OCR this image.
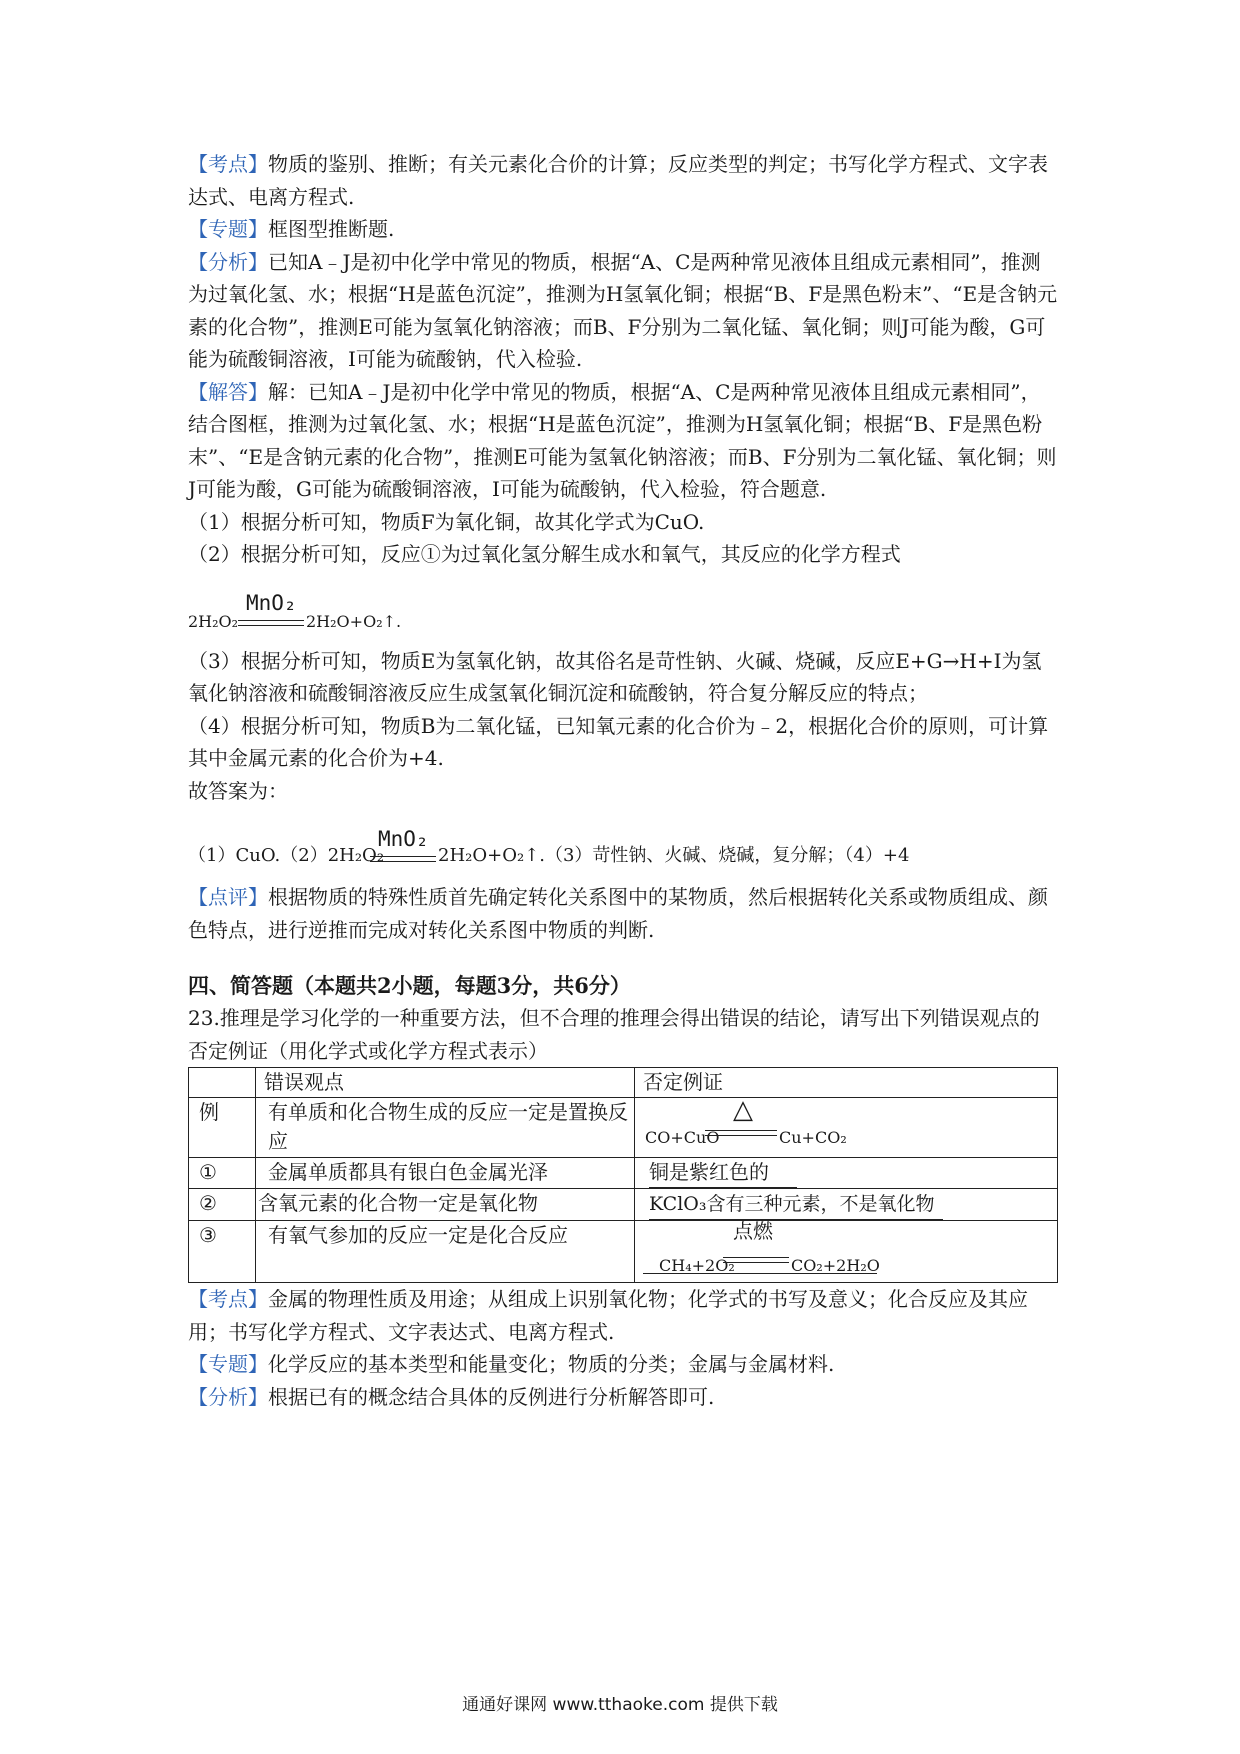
【考点】物质的鉴别、推断；有关元素化合价的计算；反应类型的判定；书写化学方程式、文字表达式、电离方程式.

【专题】框图型推断题.

【分析】已知A﹣J是初中化学中常见的物质，根据“A、C是两种常见液体且组成元素相同”，推测为过氧化氢、水；根据“H是蓝色沉淀”，推测为H氢氧化铜；根据“B、F是黑色粉末”、“E是含钠元素的化合物”，推测E可能为氢氧化钠溶液；而B、F分别为二氧化锰、氧化铜；则J可能为酸，G可能为硫酸铜溶液，I可能为硫酸钠，代入检验.

【解答】解：已知A﹣J是初中化学中常见的物质，根据“A、C是两种常见液体且组成元素相同”，结合图框，推测为过氧化氢、水；根据“H是蓝色沉淀”，推测为H氢氧化铜；根据“B、F是黑色粉末”、“E是含钠元素的化合物”，推测E可能为氢氧化钠溶液；而B、F分别为二氧化锰、氧化铜；则J可能为酸，G可能为硫酸铜溶液，I可能为硫酸钠，代入检验，符合题意.

（1）根据分析可知，物质F为氧化铜，故其化学式为CuO.

（2）根据分析可知，反应①为过氧化氢分解生成水和氧气，其反应的化学方程式

2H₂O₂
MnO₂
2H₂O+O₂↑.

（3）根据分析可知，物质E为氢氧化钠，故其俗名是苛性钠、火碱、烧碱，反应E+G→H+I为氢氧化钠溶液和硫酸铜溶液反应生成氢氧化铜沉淀和硫酸钠，符合复分解反应的特点；

（4）根据分析可知，物质B为二氧化锰，已知氧元素的化合价为﹣2，根据化合价的原则，可计算其中金属元素的化合价为+4.

故答案为：

（1）CuO.（2）2H₂O₂
MnO₂
2H₂O+O₂↑.（3）苛性钠、火碱、烧碱，复分解；（4）+4

【点评】根据物质的特殊性质首先确定转化关系图中的某物质，然后根据转化关系或物质组成、颜色特点，进行逆推而完成对转化关系图中物质的判断.

四、简答题（本题共2小题，每题3分，共6分）

23.推理是学习化学的一种重要方法，但不合理的推理会得出错误的结论，请写出下列错误观点的否定例证（用化学式或化学方程式表示）

	错误观点	否定例证
例	有单质和化合物生成的反应一定是置换反应	CO+CuO
△
Cu+CO₂

①	金属单质都具有银白色金属光泽	铜是紫红色的
②	含氧元素的化合物一定是氧化物	KClO₃含有三种元素，不是氧化物
③	有氧气参加的反应一定是化合反应	CH₄+2O₂
点燃
CO₂+2H₂O

【考点】金属的物理性质及用途；从组成上识别氧化物；化学式的书写及意义；化合反应及其应用；书写化学方程式、文字表达式、电离方程式.

【专题】化学反应的基本类型和能量变化；物质的分类；金属与金属材料.

【分析】根据已有的概念结合具体的反例进行分析解答即可.

通通好课网 www.tthaoke.com 提供下载
